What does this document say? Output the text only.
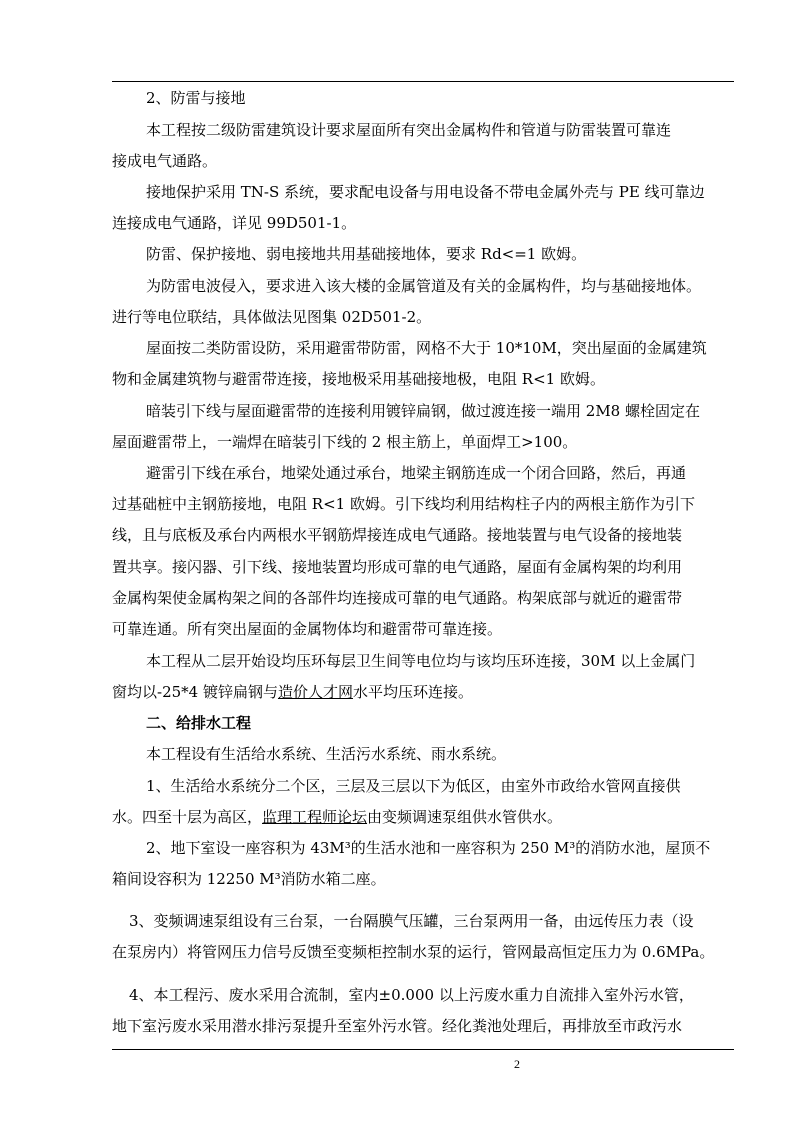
2、防雷与接地
本工程按二级防雷建筑设计要求屋面所有突出金属构件和管道与防雷装置可靠连
接成电气通路。
接地保护采用 TN-S 系统，要求配电设备与用电设备不带电金属外壳与 PE 线可靠边
连接成电气通路，详见 99D501-1。
防雷、保护接地、弱电接地共用基础接地体，要求 Rd<=1 欧姆。
为防雷电波侵入，要求进入该大楼的金属管道及有关的金属构件，均与基础接地体。
进行等电位联结，具体做法见图集 02D501-2。
屋面按二类防雷设防，采用避雷带防雷，网格不大于 10*10M，突出屋面的金属建筑
物和金属建筑物与避雷带连接，接地极采用基础接地极，电阻 R<1 欧姆。
暗装引下线与屋面避雷带的连接利用镀锌扁钢，做过渡连接一端用 2M8 螺栓固定在
屋面避雷带上，一端焊在暗装引下线的 2 根主筋上，单面焊工>100。
避雷引下线在承台，地梁处通过承台，地梁主钢筋连成一个闭合回路，然后，再通
过基础桩中主钢筋接地，电阻 R<1 欧姆。引下线均利用结构柱子内的两根主筋作为引下
线，且与底板及承台内两根水平钢筋焊接连成电气通路。接地装置与电气设备的接地装
置共享。接闪器、引下线、接地装置均形成可靠的电气通路，屋面有金属构架的均利用
金属构架使金属构架之间的各部件均连接成可靠的电气通路。构架底部与就近的避雷带
可靠连通。所有突出屋面的金属物体均和避雷带可靠连接。
本工程从二层开始设均压环每层卫生间等电位均与该均压环连接，30M 以上金属门
窗均以-25*4 镀锌扁钢与造价人才网水平均压环连接。
二、给排水工程
本工程设有生活给水系统、生活污水系统、雨水系统。
1、生活给水系统分二个区，三层及三层以下为低区，由室外市政给水管网直接供
水。四至十层为高区，监理工程师论坛由变频调速泵组供水管供水。
2、地下室设一座容积为 43M³的生活水池和一座容积为 250 M³的消防水池，屋顶不
箱间设容积为 12250 M³消防水箱二座。
3、变频调速泵组设有三台泵，一台隔膜气压罐，三台泵两用一备，由远传压力表（设
在泵房内）将管网压力信号反馈至变频柜控制水泵的运行，管网最高恒定压力为 0.6MPa。
4、本工程污、废水采用合流制，室内±0.000 以上污废水重力自流排入室外污水管，
地下室污废水采用潜水排污泵提升至室外污水管。经化粪池处理后，再排放至市政污水
2
